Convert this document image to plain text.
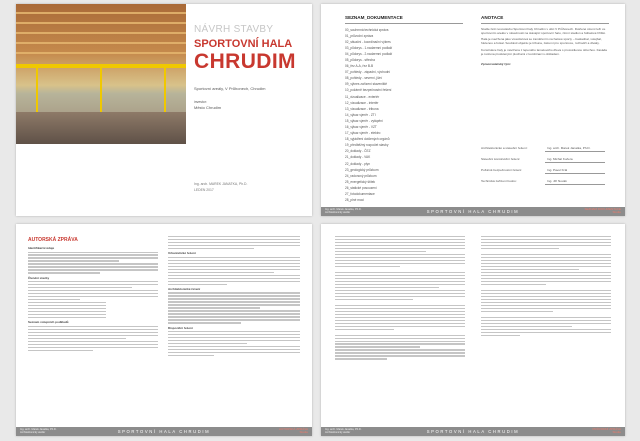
NÁVRH STAVBY
SPORTOVNÍ HALA
CHRUDIM
Sportovní areály, V Průhonech, Chrudim
investor:
Město Chrudim
Ing. arch. MAREK JANATKA, Ph.D.
LEDEN 2017
SEZNAM_DOKUMENTACE
00_souhrnná technická zpráva
01_průvodní zpráva
02_situační - koordinační výkres
03_půdorys - 1.nadzemní podlaží
04_půdorys - 2.nadzemní podlaží
05_půdorys - střecha
06_řez A-A, řez B-B
07_pohledy - západní, východní
08_pohledy - severní, jižní
09_výkres zařízení staveniště
10_požárně bezpečnostní řešení
11_vizualizace - exteriér
12_vizualizace - interiér
13_vizualizace - tribuna
14_výkaz výměr - ZTI
15_výkaz výměr - vytápění
16_výkaz výměr - VZT
17_výkaz výměr - elektro
18_vyjádření dotčených orgánů
19_předběžný rozpočet stavby
20_doklady - ČEZ
21_doklady - VAK
22_doklady - plyn
23_geologický průzkum
24_radonový průzkum
25_energetický štítek
26_statické posouzení
27_fotodokumentace
28_plné moci
ANOTACE

Studie řeší novostavbu Sportovní haly Chrudim v ulici V Průhonech. Dotčené území leží ve sportovním areálu v návaznosti na stávající sportovní halu, zimní stadion a fotbalové hřiště.

Hala je navržena jako víceúčelová se zaměřením na halové sporty – basketbal, volejbal, házenou a futsal. Součástí objektu je tribuna, zázemí pro sportovce, rozhodčí a diváky.

Konstrukce haly je navržena z lepeného lamelového dřeva s prosvětlenou střechou. Fasáda je tvořena prosklenými plochami v kombinaci s obkladem.

Zpracovatelský tým:
Architektonické a stavební řešení:	Ing. arch. Marek Janatka, Ph.D.
Stavební konstrukční řešení:	Ing. Michal Kučera
Požárně bezpečnostní řešení:	Ing. Pavel Král
Technická zařízení budov:	Ing. Jiří Novák
Ing. arch. Marek Janatka, Ph.D.
Architektonický ateliér	SPORTOVNÍ HALA CHRUDIM	SEZNAM DOKUMENTACE
Studie
AUTORSKÁ ZPRÁVA
Identifikační údaje
Členění stavby
Seznam vstupních podkladů
Urbanistické řešení
Architektonické řešení
Dispoziční řešení
Ing. arch. Marek Janatka, Ph.D.
Architektonický ateliér	SPORTOVNÍ HALA CHRUDIM	AUTORSKÁ ZPRÁVA
Studie
Ing. arch. Marek Janatka, Ph.D.
Architektonický ateliér	SPORTOVNÍ HALA CHRUDIM	PRŮVODNÍ ZPRÁVA
Studie
